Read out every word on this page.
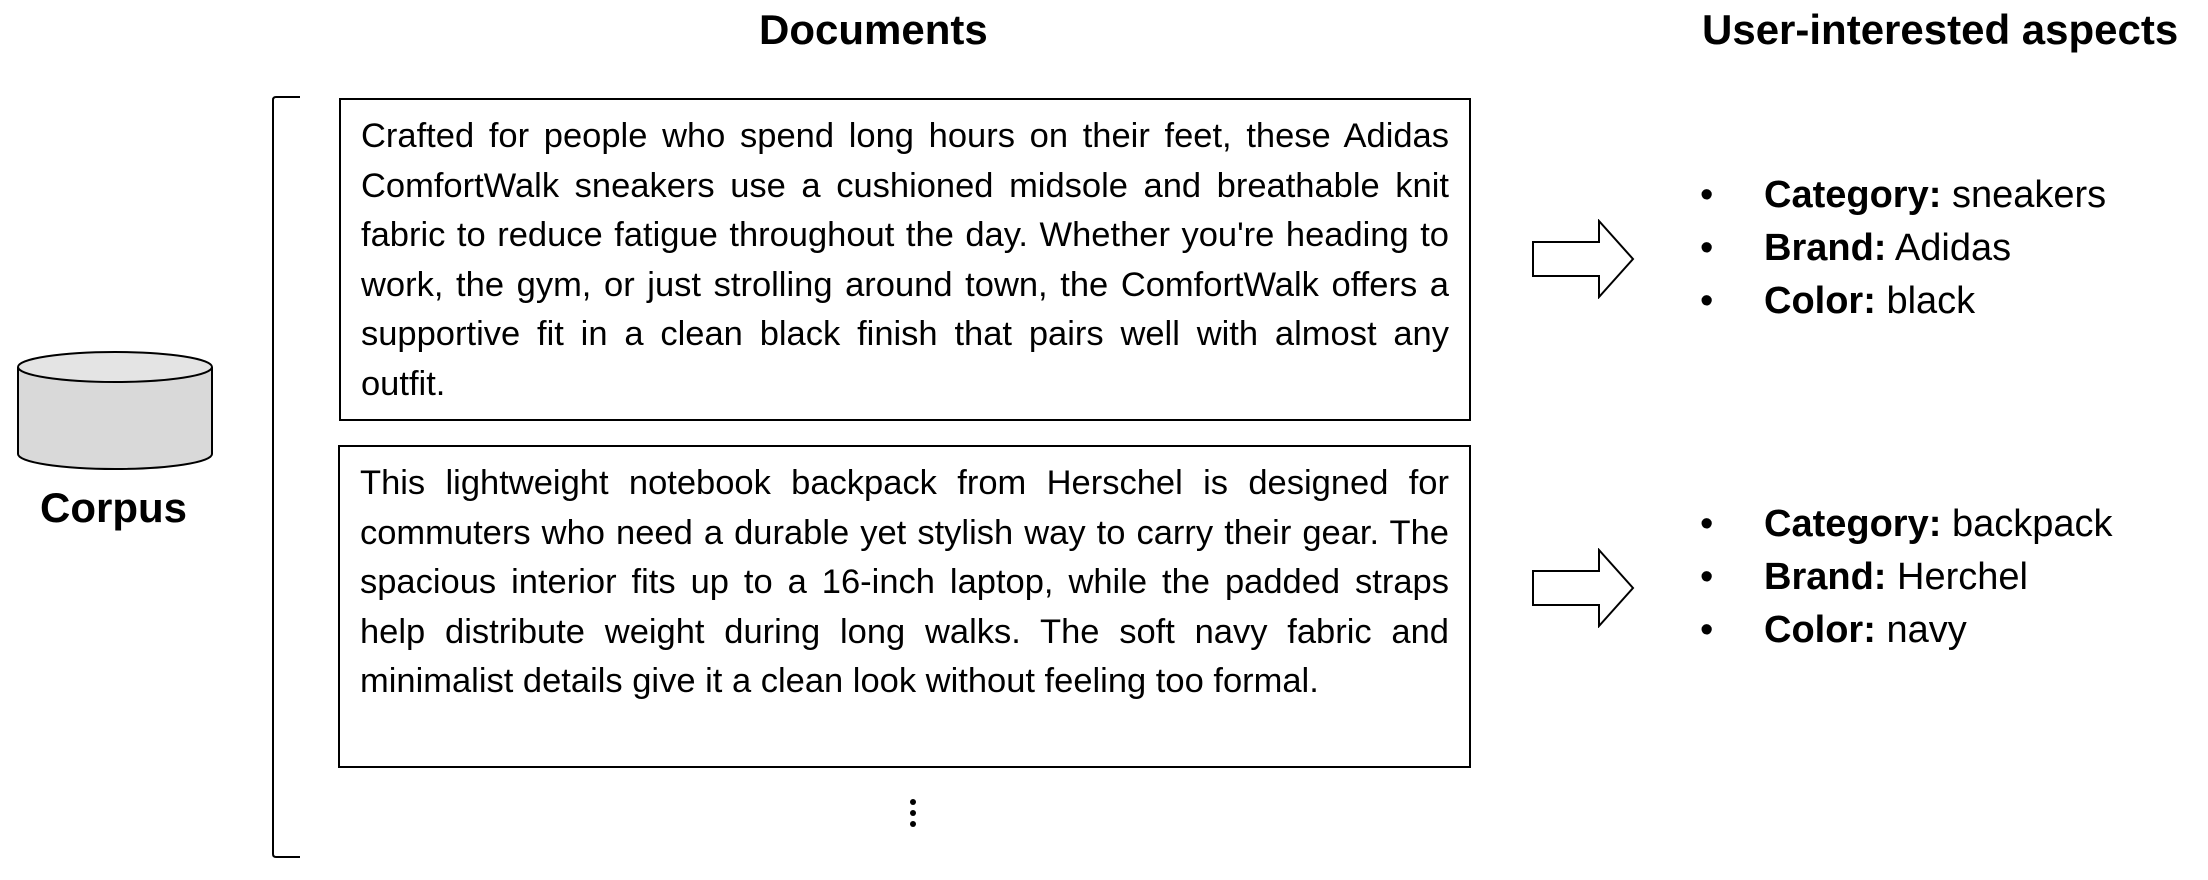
Documents	User-interested aspects
Corpus
Crafted for people who spend long hours on their feet, these Adidas ComfortWalk sneakers use a cushioned midsole and breathable knit fabric to reduce fatigue throughout the day. Whether you're heading to work, the gym, or just strolling around town, the ComfortWalk offers a supportive fit in a clean black finish that pairs well with almost any outfit.
This lightweight notebook backpack from Herschel is designed for commuters who need a durable yet stylish way to carry their gear. The spacious interior fits up to a 16-inch laptop, while the padded straps help distribute weight during long walks. The soft navy fabric and minimalist details give it a clean look without feeling too formal.
• Category: sneakers
• Brand: Adidas
• Color: black
• Category: backpack
• Brand: Herchel
• Color: navy
